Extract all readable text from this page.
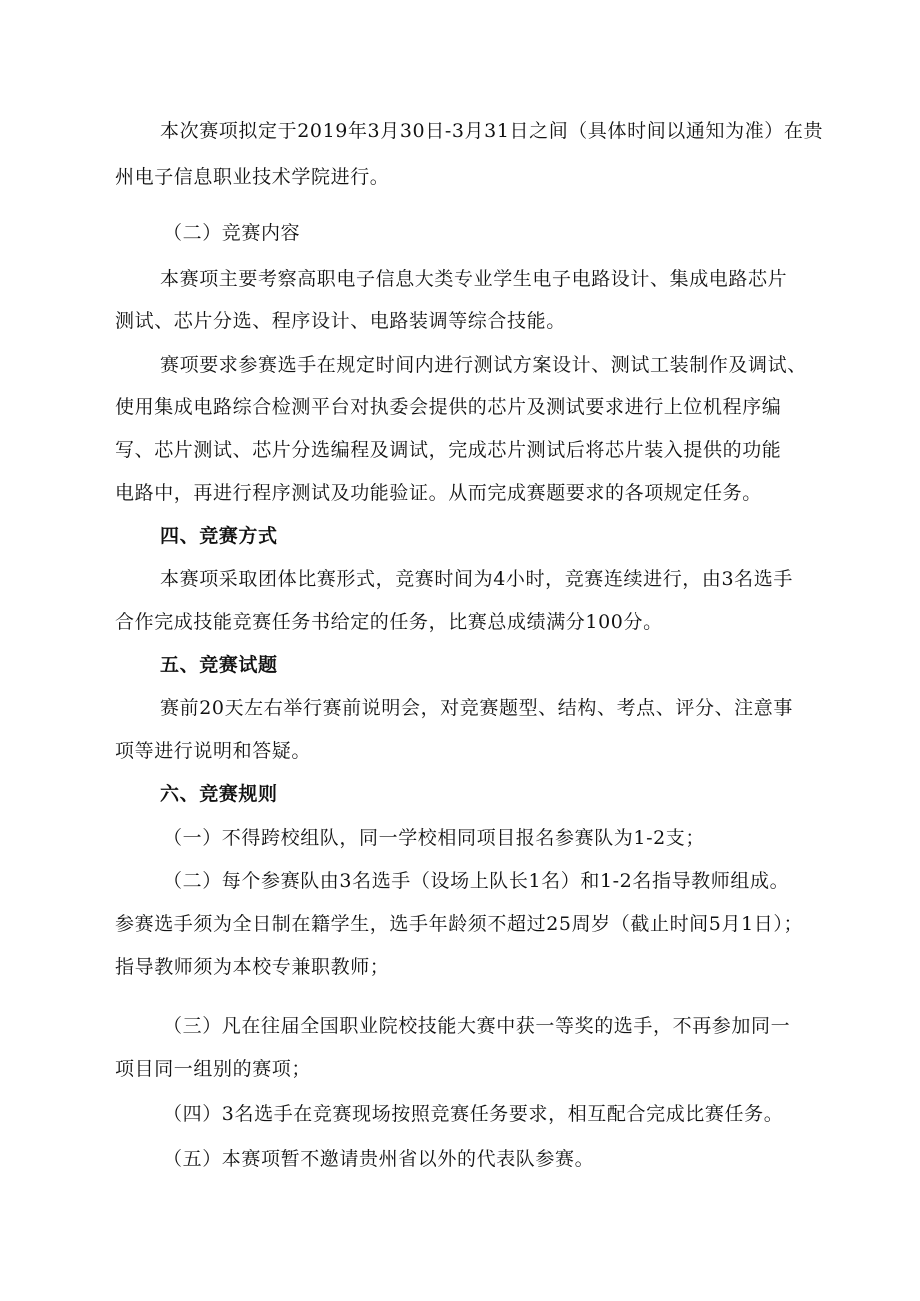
本次赛项拟定于2019年3月30日-3月31日之间（具体时间以通知为准）在贵
州电子信息职业技术学院进行。
（二）竞赛内容
本赛项主要考察高职电子信息大类专业学生电子电路设计、集成电路芯片
测试、芯片分选、程序设计、电路装调等综合技能。
赛项要求参赛选手在规定时间内进行测试方案设计、测试工装制作及调试、
使用集成电路综合检测平台对执委会提供的芯片及测试要求进行上位机程序编
写、芯片测试、芯片分选编程及调试，完成芯片测试后将芯片装入提供的功能
电路中，再进行程序测试及功能验证。从而完成赛题要求的各项规定任务。
四、竞赛方式
本赛项采取团体比赛形式，竞赛时间为4小时，竞赛连续进行，由3名选手
合作完成技能竞赛任务书给定的任务，比赛总成绩满分100分。
五、竞赛试题
赛前20天左右举行赛前说明会，对竞赛题型、结构、考点、评分、注意事
项等进行说明和答疑。
六、竞赛规则
（一）不得跨校组队，同一学校相同项目报名参赛队为1-2支；
（二）每个参赛队由3名选手（设场上队长1名）和1-2名指导教师组成。
参赛选手须为全日制在籍学生，选手年龄须不超过25周岁（截止时间5月1日）；
指导教师须为本校专兼职教师；
（三）凡在往届全国职业院校技能大赛中获一等奖的选手，不再参加同一
项目同一组别的赛项；
（四）3名选手在竞赛现场按照竞赛任务要求，相互配合完成比赛任务。
（五）本赛项暂不邀请贵州省以外的代表队参赛。
